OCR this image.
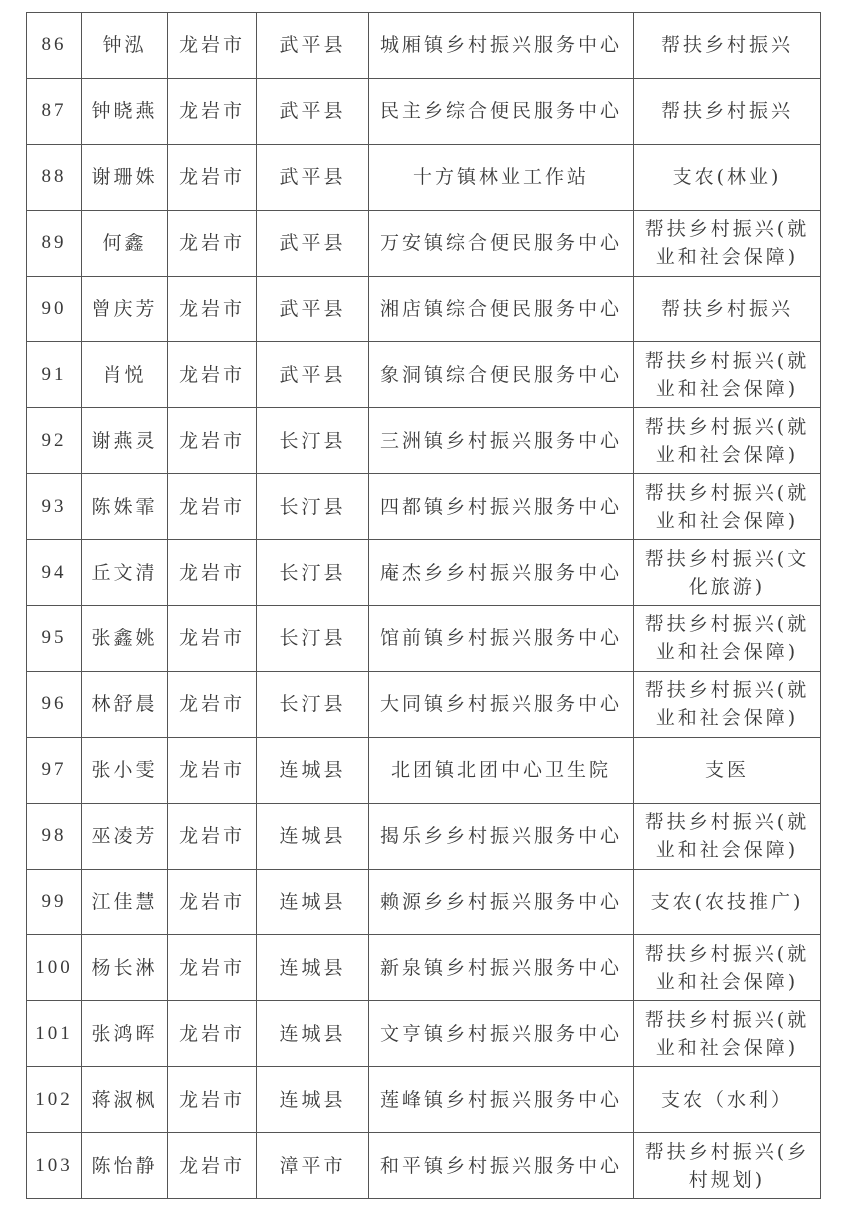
86	钟泓	龙岩市	武平县	城厢镇乡村振兴服务中心	帮扶乡村振兴
87	钟晓燕	龙岩市	武平县	民主乡综合便民服务中心	帮扶乡村振兴
88	谢珊姝	龙岩市	武平县	十方镇林业工作站	支农(林业)
89	何鑫	龙岩市	武平县	万安镇综合便民服务中心	帮扶乡村振兴(就业和社会保障)
90	曾庆芳	龙岩市	武平县	湘店镇综合便民服务中心	帮扶乡村振兴
91	肖悦	龙岩市	武平县	象洞镇综合便民服务中心	帮扶乡村振兴(就业和社会保障)
92	谢燕灵	龙岩市	长汀县	三洲镇乡村振兴服务中心	帮扶乡村振兴(就业和社会保障)
93	陈姝霏	龙岩市	长汀县	四都镇乡村振兴服务中心	帮扶乡村振兴(就业和社会保障)
94	丘文清	龙岩市	长汀县	庵杰乡乡村振兴服务中心	帮扶乡村振兴(文化旅游)
95	张鑫姚	龙岩市	长汀县	馆前镇乡村振兴服务中心	帮扶乡村振兴(就业和社会保障)
96	林舒晨	龙岩市	长汀县	大同镇乡村振兴服务中心	帮扶乡村振兴(就业和社会保障)
97	张小雯	龙岩市	连城县	北团镇北团中心卫生院	支医
98	巫凌芳	龙岩市	连城县	揭乐乡乡村振兴服务中心	帮扶乡村振兴(就业和社会保障)
99	江佳慧	龙岩市	连城县	赖源乡乡村振兴服务中心	支农(农技推广)
100	杨长淋	龙岩市	连城县	新泉镇乡村振兴服务中心	帮扶乡村振兴(就业和社会保障)
101	张鸿晖	龙岩市	连城县	文亨镇乡村振兴服务中心	帮扶乡村振兴(就业和社会保障)
102	蒋淑枫	龙岩市	连城县	莲峰镇乡村振兴服务中心	支农（水利）
103	陈怡静	龙岩市	漳平市	和平镇乡村振兴服务中心	帮扶乡村振兴(乡村规划)
